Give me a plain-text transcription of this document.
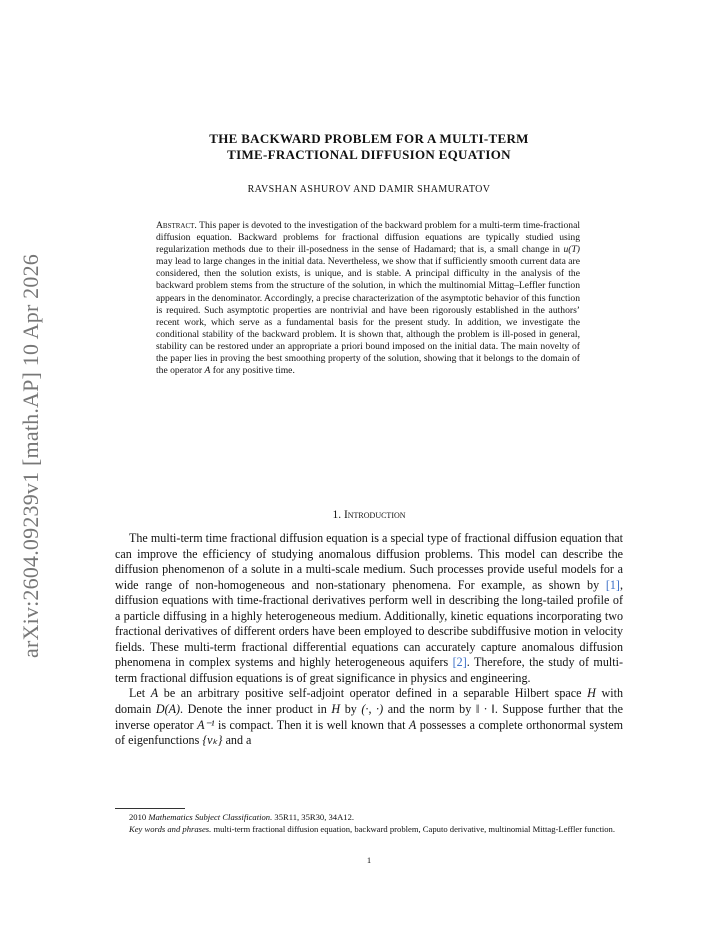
arXiv:2604.09239v1 [math.AP] 10 Apr 2026
THE BACKWARD PROBLEM FOR A MULTI-TERM
TIME-FRACTIONAL DIFFUSION EQUATION
RAVSHAN ASHUROV AND DAMIR SHAMURATOV
Abstract. This paper is devoted to the investigation of the backward problem for a multi-term time-fractional diffusion equation. Backward problems for fractional diffusion equations are typically studied using regularization methods due to their ill-posedness in the sense of Hadamard; that is, a small change in u(T) may lead to large changes in the initial data. Nevertheless, we show that if sufficiently smooth current data are considered, then the solution exists, is unique, and is stable. A principal difficulty in the analysis of the backward problem stems from the structure of the solution, in which the multinomial Mittag–Leffler function appears in the denominator. Accordingly, a precise characterization of the asymptotic behavior of this function is required. Such asymptotic properties are nontrivial and have been rigorously established in the authors’ recent work, which serve as a fundamental basis for the present study. In addition, we investigate the conditional stability of the backward problem. It is shown that, although the problem is ill-posed in general, stability can be restored under an appropriate a priori bound imposed on the initial data. The main novelty of the paper lies in proving the best smoothing property of the solution, showing that it belongs to the domain of the operator A for any positive time.
1. Introduction

The multi-term time fractional diffusion equation is a special type of fractional diffusion equation that can improve the efficiency of studying anomalous diffusion problems. This model can describe the diffusion phenomenon of a solute in a multi-scale medium. Such processes provide useful models for a wide range of non-homogeneous and non-stationary phenomena. For example, as shown by [1], diffusion equations with time-fractional derivatives perform well in describing the long-tailed profile of a particle diffusing in a highly heterogeneous medium. Additionally, kinetic equations incorporating two fractional derivatives of different orders have been employed to describe subdiffusive motion in velocity fields. These multi-term fractional differential equations can accurately capture anomalous diffusion phenomena in complex systems and highly heterogeneous aquifers [2]. Therefore, the study of multi-term fractional diffusion equations is of great significance in physics and engineering.

Let A be an arbitrary positive self-adjoint operator defined in a separable Hilbert space H with domain D(A). Denote the inner product in H by (·, ·) and the norm by ‖ · ‖. Suppose further that the inverse operator A⁻¹ is compact. Then it is well known that A possesses a complete orthonormal system of eigenfunctions {vₖ} and a

2010 Mathematics Subject Classification. 35R11, 35R30, 34A12.

Key words and phrases. multi-term fractional diffusion equation, backward problem, Caputo derivative, multinomial Mittag-Leffler function.

1
